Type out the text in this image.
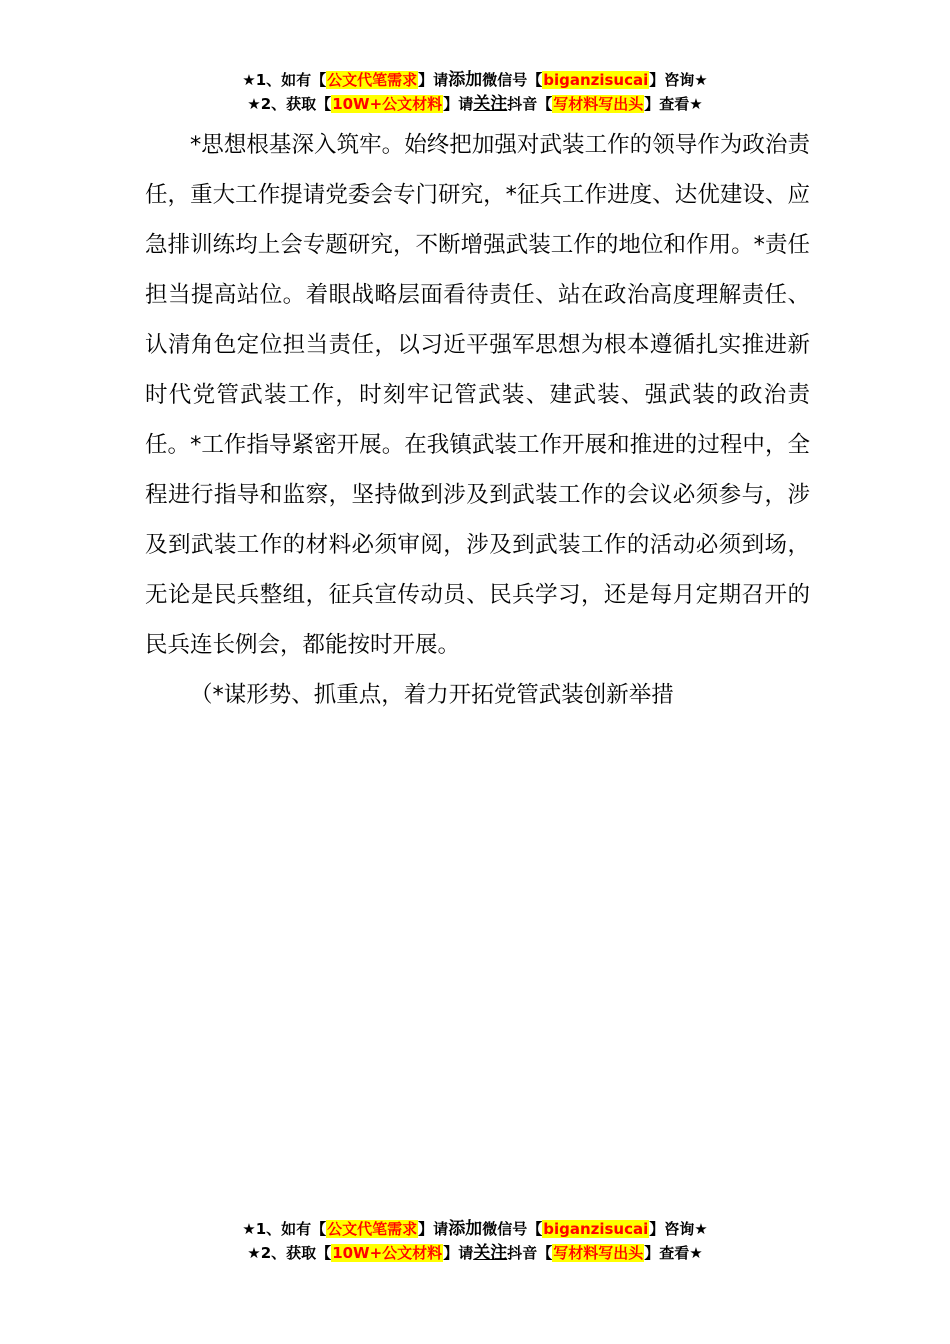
★1、如有【公文代笔需求】请添加微信号【biganzisucai】咨询★
★2、获取【10W+公文材料】请关注抖音【写材料写出头】查看★

*思想根基深入筑牢。始终把加强对武装工作的领导作为政治责任，重大工作提请党委会专门研究，*征兵工作进度、达优建设、应急排训练均上会专题研究，不断增强武装工作的地位和作用。*责任担当提高站位。着眼战略层面看待责任、站在政治高度理解责任、认清角色定位担当责任，以习近平强军思想为根本遵循扎实推进新时代党管武装工作，时刻牢记管武装、建武装、强武装的政治责任。*工作指导紧密开展。在我镇武装工作开展和推进的过程中，全程进行指导和监察，坚持做到涉及到武装工作的会议必须参与，涉及到武装工作的材料必须审阅，涉及到武装工作的活动必须到场，无论是民兵整组，征兵宣传动员、民兵学习，还是每月定期召开的民兵连长例会，都能按时开展。

（*谋形势、抓重点，着力开拓党管武装创新举措

★1、如有【公文代笔需求】请添加微信号【biganzisucai】咨询★
★2、获取【10W+公文材料】请关注抖音【写材料写出头】查看★
